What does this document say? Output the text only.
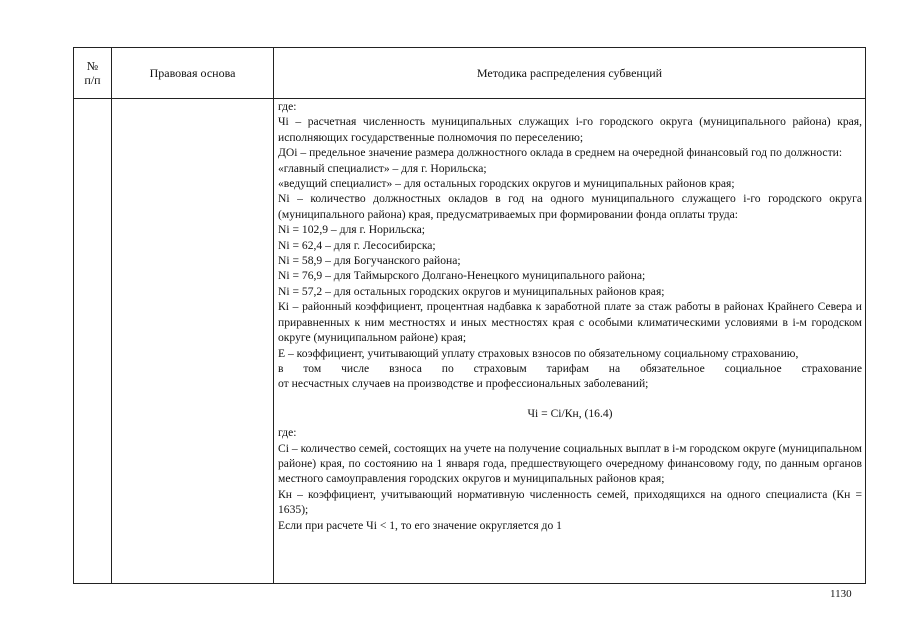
№
п/п	Правовая основа	Методика распределения субвенций

где:

Чi – расчетная численность муниципальных служащих i-го городского округа (муниципального района) края, исполняющих государственные полномочия по переселению;

ДОi – предельное значение размера должностного оклада в среднем на очередной финансовый год по должности:

«главный специалист» – для г. Норильска;

«ведущий специалист» – для остальных городских округов и муниципальных районов края;

Ni – количество должностных окладов в год на одного муниципального служащего i-го городского округа (муниципального района) края, предусматриваемых при формировании фонда оплаты труда:

Ni = 102,9 – для г. Норильска;

Ni = 62,4 – для г. Лесосибирска;

Ni = 58,9 – для Богучанского района;

Ni = 76,9 – для Таймырского Долгано-Ненецкого муниципального района;

Ni = 57,2 – для остальных городских округов и муниципальных районов края;

Кi – районный коэффициент, процентная надбавка к заработной плате за стаж работы в районах Крайнего Севера и приравненных к ним местностях и иных местностях края с особыми климатическими условиями в i-м городском округе (муниципальном районе) края;

Е – коэффициент, учитывающий уплату страховых взносов по обязательному социальному страхованию,

в том числе взноса по страховым тарифам на обязательное социальное страхование

от несчастных случаев на производстве и профессиональных заболеваний;

Чi = Сi/Кн, (16.4)

где:

Сi – количество семей, состоящих на учете на получение социальных выплат в i-м городском округе (муниципальном районе) края, по состоянию на 1 января года, предшествующего очередному финансовому году, по данным органов местного самоуправления городских округов и муниципальных районов края;

Кн – коэффициент, учитывающий нормативную численность семей, приходящихся на одного специалиста (Кн = 1635);

Если при расчете Чi < 1, то его значение округляется до 1

1130
